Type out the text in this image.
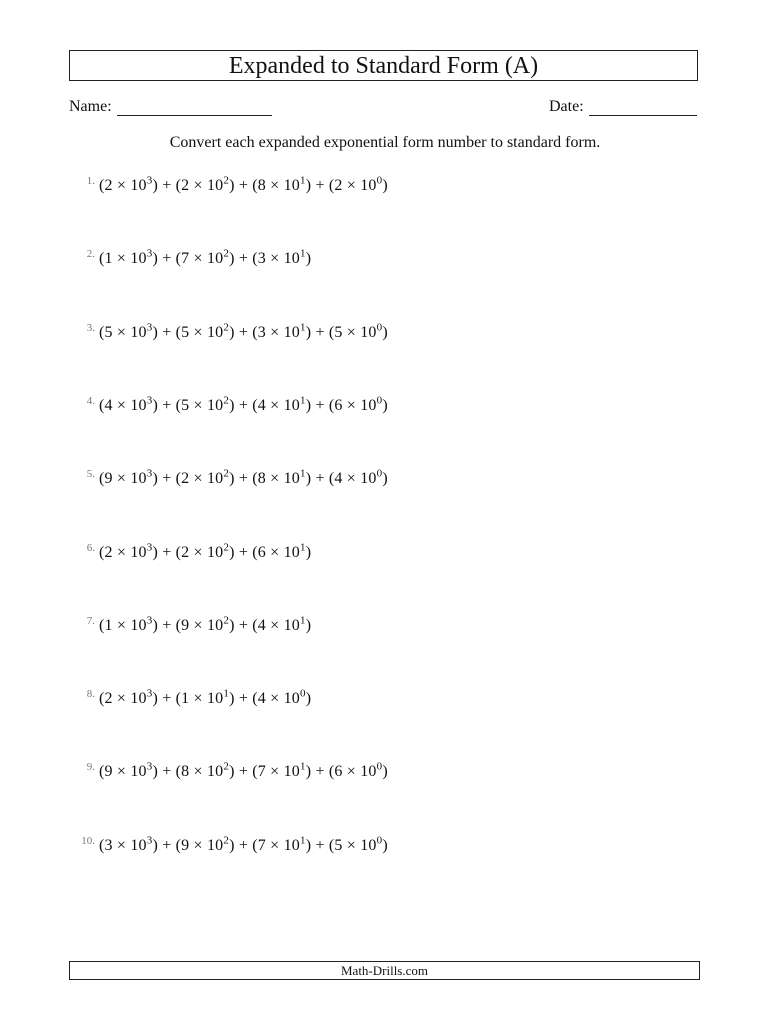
Expanded to Standard Form (A)
Name:	Date:
Convert each expanded exponential form number to standard form.
1. $(2 \times 10^3) + (2 \times 10^2) + (8 \times 10^1) + (2 \times 10^0)$
2. $(1 \times 10^3) + (7 \times 10^2) + (3 \times 10^1)$
3. $(5 \times 10^3) + (5 \times 10^2) + (3 \times 10^1) + (5 \times 10^0)$
4. $(4 \times 10^3) + (5 \times 10^2) + (4 \times 10^1) + (6 \times 10^0)$
5. $(9 \times 10^3) + (2 \times 10^2) + (8 \times 10^1) + (4 \times 10^0)$
6. $(2 \times 10^3) + (2 \times 10^2) + (6 \times 10^1)$
7. $(1 \times 10^3) + (9 \times 10^2) + (4 \times 10^1)$
8. $(2 \times 10^3) + (1 \times 10^1) + (4 \times 10^0)$
9. $(9 \times 10^3) + (8 \times 10^2) + (7 \times 10^1) + (6 \times 10^0)$
10. $(3 \times 10^3) + (9 \times 10^2) + (7 \times 10^1) + (5 \times 10^0)$
Math-Drills.com
